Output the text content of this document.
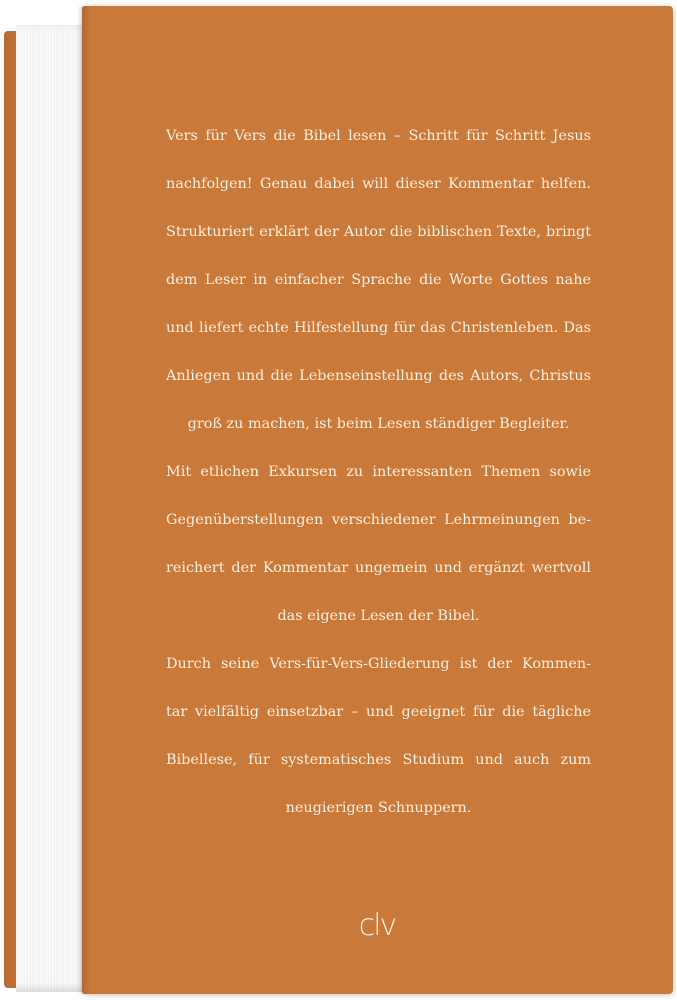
Vers für Vers die Bibel lesen – Schritt für Schritt Jesus
nachfolgen! Genau dabei will dieser Kommentar helfen.
Strukturiert erklärt der Autor die biblischen Texte, bringt
dem Leser in einfacher Sprache die Worte Gottes nahe
und liefert echte Hilfestellung für das Christenleben. Das
Anliegen und die Lebenseinstellung des Autors, Christus
groß zu machen, ist beim Lesen ständiger Begleiter.
Mit etlichen Exkursen zu interessanten Themen sowie
Gegenüberstellungen verschiedener Lehrmeinungen be-
reichert der Kommentar ungemein und ergänzt wertvoll
das eigene Lesen der Bibel.
Durch seine Vers-für-Vers-Gliederung ist der Kommen-
tar vielfältig einsetzbar – und geeignet für die tägliche
Bibellese, für systematisches Studium und auch zum
neugierigen Schnuppern.
clv
